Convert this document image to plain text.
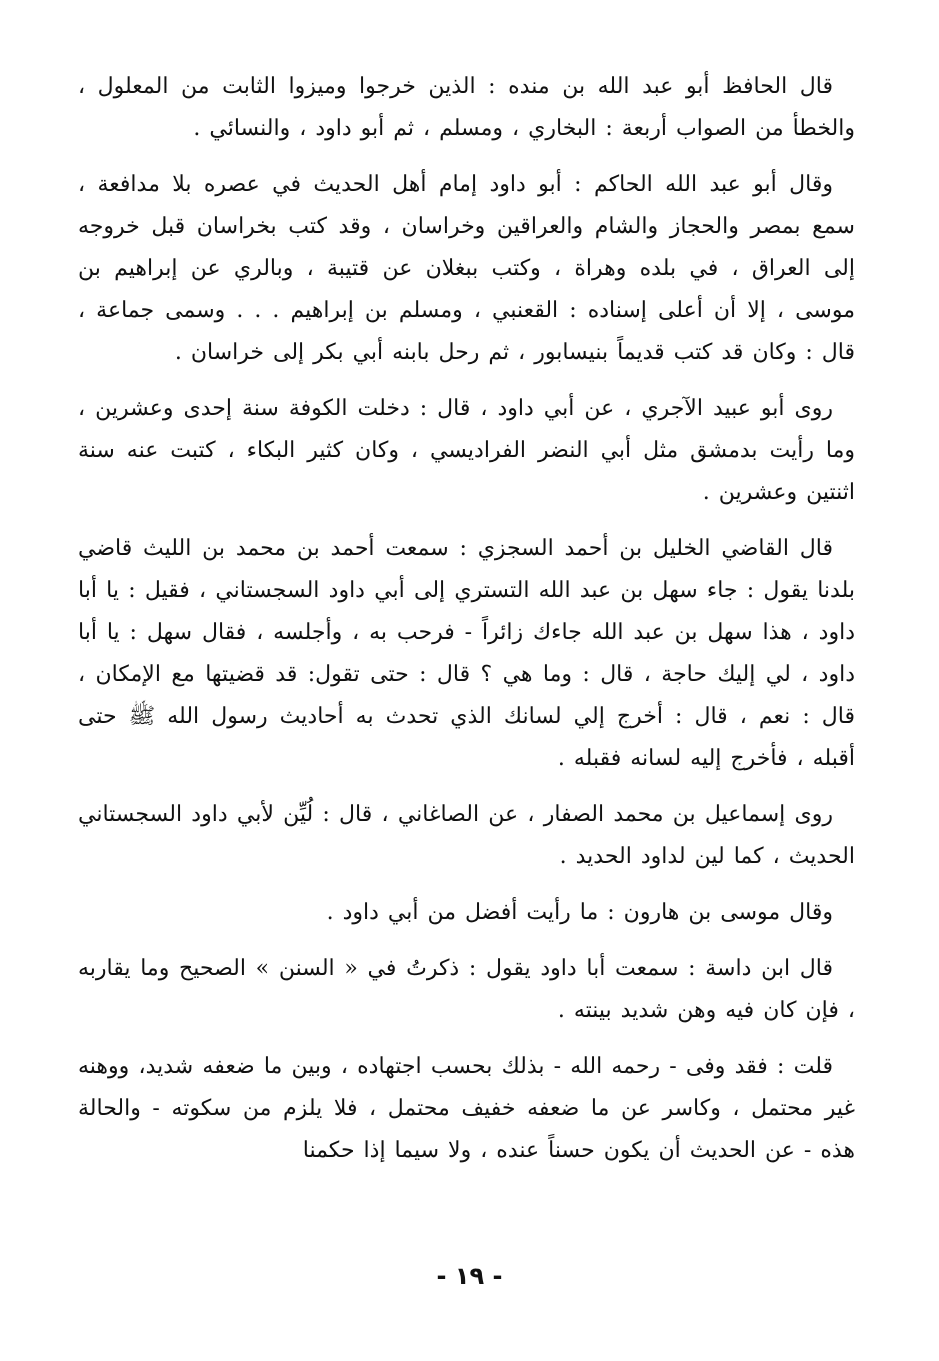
قال الحافظ أبو عبد الله بن منده : الذين خرجوا وميزوا الثابت من المعلول ، والخطأ من الصواب أربعة : البخاري ، ومسلم ، ثم أبو داود ، والنسائي .

وقال أبو عبد الله الحاكم : أبو داود إمام أهل الحديث في عصره بلا مدافعة ، سمع بمصر والحجاز والشام والعراقين وخراسان ، وقد كتب بخراسان قبل خروجه إلى العراق ، في بلده وهراة ، وكتب ببغلان عن قتيبة ، وبالري عن إبراهيم بن موسى ، إلا أن أعلى إسناده : القعنبي ، ومسلم بن إبراهيم . . . وسمى جماعة ، قال : وكان قد كتب قديماً بنيسابور ، ثم رحل بابنه أبي بكر إلى خراسان .

روى أبو عبيد الآجري ، عن أبي داود ، قال : دخلت الكوفة سنة إحدى وعشرين ، وما رأيت بدمشق مثل أبي النضر الفراديسي ، وكان كثير البكاء ، كتبت عنه سنة اثنتين وعشرين .

قال القاضي الخليل بن أحمد السجزي : سمعت أحمد بن محمد بن الليث قاضي بلدنا يقول : جاء سهل بن عبد الله التستري إلى أبي داود السجستاني ، فقيل : يا أبا داود ، هذا سهل بن عبد الله جاءك زائراً - فرحب به ، وأجلسه ، فقال سهل : يا أبا داود ، لي إليك حاجة ، قال : وما هي ؟ قال : حتى تقول: قد قضيتها مع الإمكان ، قال : نعم ، قال : أخرج إلي لسانك الذي تحدث به أحاديث رسول الله ﷺ حتى أقبله ، فأخرج إليه لسانه فقبله .

روى إسماعيل بن محمد الصفار ، عن الصاغاني ، قال : لُيِّن لأبي داود السجستاني الحديث ، كما لين لداود الحديد .

وقال موسى بن هارون : ما رأيت أفضل من أبي داود .

قال ابن داسة : سمعت أبا داود يقول : ذكرتُ في « السنن » الصحيح وما يقاربه ، فإن كان فيه وهن شديد بينته .

قلت : فقد وفى - رحمه الله - بذلك بحسب اجتهاده ، وبين ما ضعفه شديد، ووهنه غير محتمل ، وكاسر عن ما ضعفه خفيف محتمل ، فلا يلزم من سكوته - والحالة هذه - عن الحديث أن يكون حسناً عنده ، ولا سيما إذا حكمنا

- ١٩ -
